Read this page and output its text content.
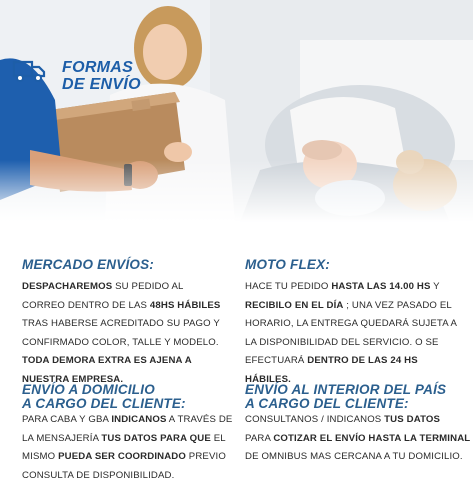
FORMAS
DE ENVÍO
MERCADO ENVÍOS:

DESPACHAREMOS SU PEDIDO AL

CORREO DENTRO DE LAS 48HS HÁBILES

TRAS HABERSE ACREDITADO SU PAGO Y

CONFIRMADO COLOR, TALLE Y MODELO.

TODA DEMORA EXTRA ES AJENA A

NUESTRA EMPRESA.

MOTO FLEX:

HACE TU PEDIDO HASTA LAS 14.00 HS Y

RECIBILO EN EL DÍA ; UNA VEZ PASADO EL

HORARIO, LA ENTREGA QUEDARÁ SUJETA A

LA DISPONIBILIDAD DEL SERVICIO. O SE

EFECTUARÁ DENTRO DE LAS 24 HS

HÁBILES.

ENVÍO A DOMICILIO
A CARGO DEL CLIENTE:

PARA CABA Y GBA INDICANOS A TRAVÉS DE

LA MENSAJERÍA TUS DATOS PARA QUE EL

MISMO PUEDA SER COORDINADO PREVIO

CONSULTA DE DISPONIBILIDAD.

ENVÍO AL INTERIOR DEL PAÍS
A CARGO DEL CLIENTE:

CONSULTANOS / INDICANOS TUS DATOS

PARA COTIZAR EL ENVÍO HASTA LA TERMINAL

DE OMNIBUS MAS CERCANA A TU DOMICILIO.
